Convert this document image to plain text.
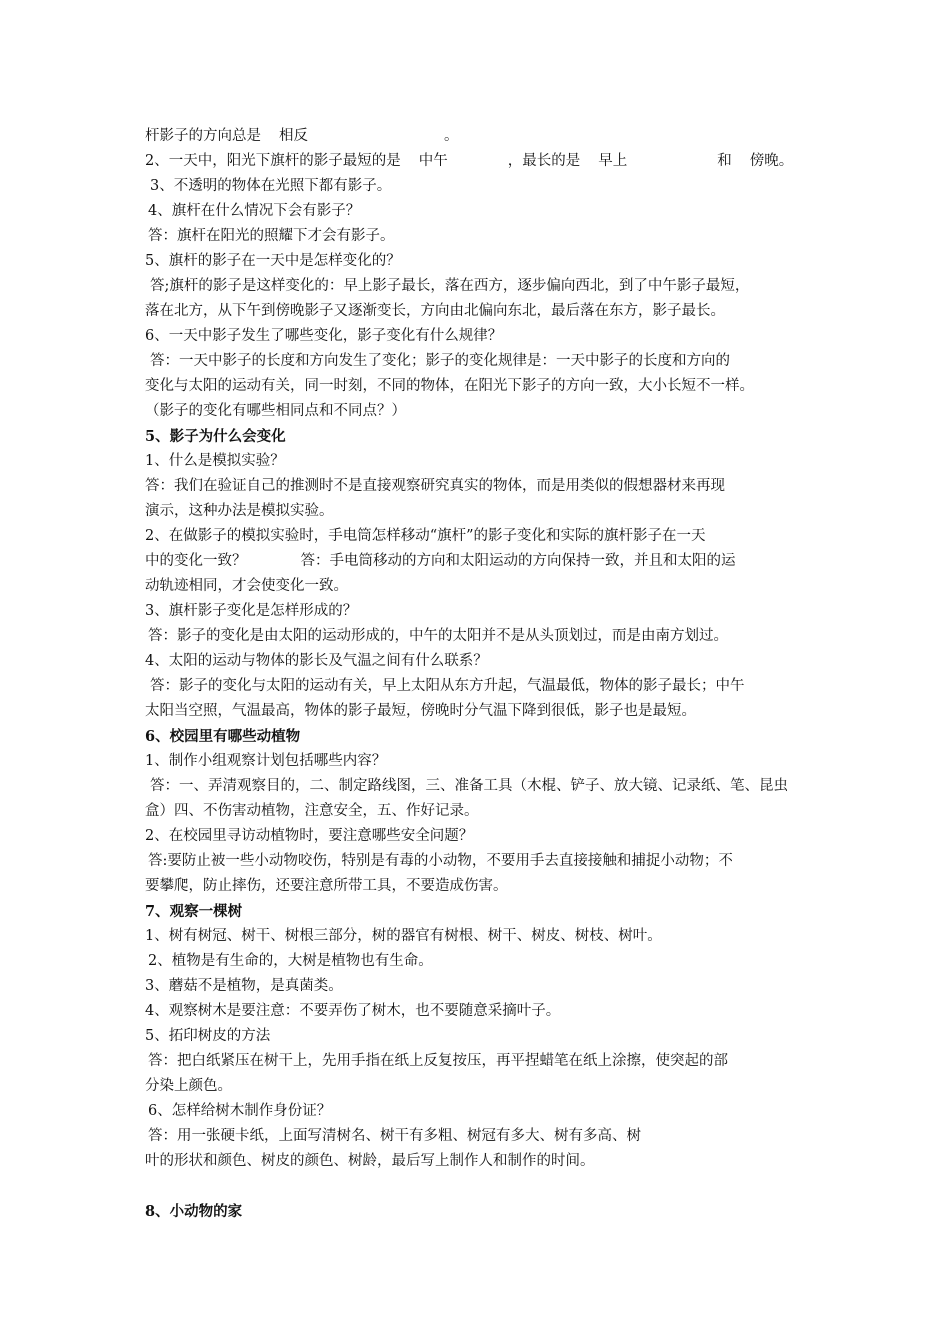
杆影子的方向总是 相反	。
2、一天中，阳光下旗杆的影子最短的是 中午	，最长的是 早上	和 傍晚。
3、不透明的物体在光照下都有影子。
4、旗杆在什么情况下会有影子？
答：旗杆在阳光的照耀下才会有影子。
5、旗杆的影子在一天中是怎样变化的？
答;旗杆的影子是这样变化的：早上影子最长，落在西方，逐步偏向西北，到了中午影子最短，
落在北方，从下午到傍晚影子又逐渐变长，方向由北偏向东北，最后落在东方，影子最长。
6、一天中影子发生了哪些变化，影子变化有什么规律？
答：一天中影子的长度和方向发生了变化；影子的变化规律是：一天中影子的长度和方向的
变化与太阳的运动有关，同一时刻，不同的物体，在阳光下影子的方向一致，大小长短不一样。
（影子的变化有哪些相同点和不同点？）
5、影子为什么会变化
1、什么是模拟实验？
答：我们在验证自己的推测时不是直接观察研究真实的物体，而是用类似的假想器材来再现
演示，这种办法是模拟实验。
2、在做影子的模拟实验时，手电筒怎样移动“旗杆”的影子变化和实际的旗杆影子在一天
中的变化一致？	答：手电筒移动的方向和太阳运动的方向保持一致，并且和太阳的运
动轨迹相同，才会使变化一致。
3、旗杆影子变化是怎样形成的？
答：影子的变化是由太阳的运动形成的，中午的太阳并不是从头顶划过，而是由南方划过。
4、太阳的运动与物体的影长及气温之间有什么联系？
答：影子的变化与太阳的运动有关，早上太阳从东方升起，气温最低，物体的影子最长；中午
太阳当空照，气温最高，物体的影子最短，傍晚时分气温下降到很低，影子也是最短。
6、校园里有哪些动植物
1、制作小组观察计划包括哪些内容？
答：一、弄清观察目的，二、制定路线图，三、准备工具（木棍、铲子、放大镜、记录纸、笔、昆虫
盒）四、不伤害动植物，注意安全，五、作好记录。
2、在校园里寻访动植物时，要注意哪些安全问题？
答:要防止被一些小动物咬伤，特别是有毒的小动物，不要用手去直接接触和捕捉小动物；不
要攀爬，防止摔伤，还要注意所带工具，不要造成伤害。
7、观察一棵树
1、树有树冠、树干、树根三部分，树的器官有树根、树干、树皮、树枝、树叶。
2、植物是有生命的，大树是植物也有生命。
3、蘑菇不是植物，是真菌类。
4、观察树木是要注意：不要弄伤了树木，也不要随意采摘叶子。
5、拓印树皮的方法
答：把白纸紧压在树干上，先用手指在纸上反复按压，再平捏蜡笔在纸上涂擦，使突起的部
分染上颜色。
6、怎样给树木制作身份证？
答：用一张硬卡纸，上面写清树名、树干有多粗、树冠有多大、树有多高、树
叶的形状和颜色、树皮的颜色、树龄，最后写上制作人和制作的时间。
8、小动物的家
